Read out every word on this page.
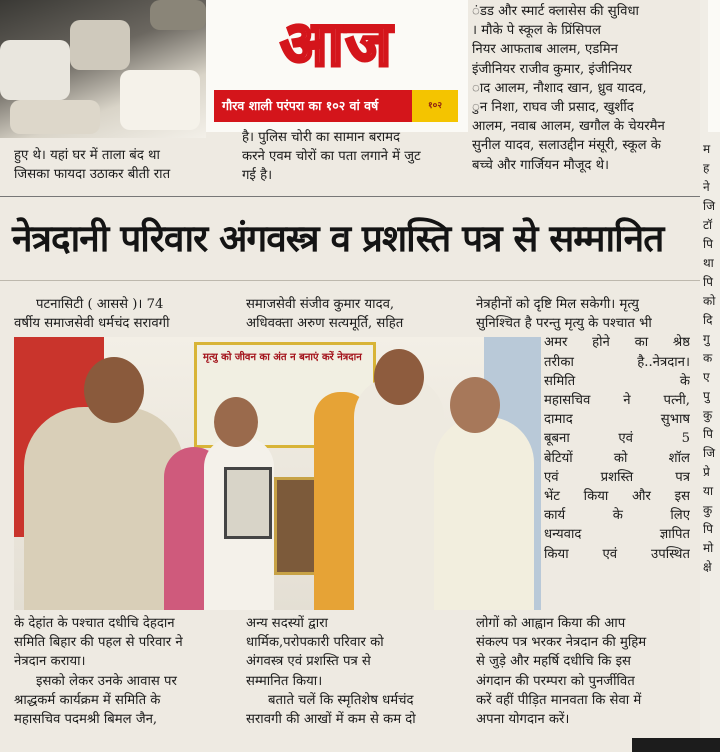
आज
गौरव शाली परंपरा का १०२ वां वर्ष	१०२

ंडड और स्मार्ट क्लासेस की सुविधा

। मौके पे स्कूल के प्रिंसिपल

नियर आफताब आलम, एडमिन

इंजीनियर राजीव कुमार, इंजीनियर

ाद आलम, नौशाद खान, ध्रुव यादव,

ुन निशा, राघव जी प्रसाद, खुर्शीद

आलम, नवाब आलम, खगौल के चेयरमैन

सुनील यादव, सलाउद्दीन मंसूरी, स्कूल के

बच्चे और गार्जियन मौजूद थे।

हुए थे। यहां घर में ताला बंद था

जिसका फायदा उठाकर बीती रात

है। पुलिस चोरी का सामान बरामद

करने एवम चोरों का पता लगाने में जुट

गई है।

नेत्रदानी परिवार अंगवस्त्र व प्रशस्ति पत्र से सम्मानित

पटनासिटी ( आससे )। 74

वर्षीय समाजसेवी धर्मचंद सरावगी

समाजसेवी संजीव कुमार यादव,

अधिवक्ता अरुण सत्यमूर्ति, सहित

नेत्रहीनों को दृष्टि मिल सकेगी। मृत्यु

सुनिश्चित है परन्तु मृत्यु के पश्चात भी

अमर होने का श्रेष्ठ

तरीका है..नेत्रदान।

समिति के

महासचिव ने पत्नी,

दामाद सुभाष

बूबना एवं 5

बेटियों को शॉल

एवं प्रशस्ति पत्र

भेंट किया और इस

कार्य के लिए

धन्यवाद ज्ञापित

किया एवं उपस्थित

मृत्यु को जीवन का अंत न बनाएं करें नेत्रदान

के देहांत के पश्चात दधीचि देहदान

समिति बिहार की पहल से परिवार ने

नेत्रदान कराया।

इसको लेकर उनके आवास पर

श्राद्धकर्म कार्यक्रम में समिति के

महासचिव पदमश्री बिमल जैन,

अन्य सदस्यों द्वारा

धार्मिक,परोपकारी परिवार को

अंगवस्त्र एवं प्रशस्ति पत्र से

सम्मानित किया।

बताते चलें कि स्मृतिशेष धर्मचंद

सरावगी की आखों में कम से कम दो

लोगों को आह्वान किया की आप

संकल्प पत्र भरकर नेत्रदान की मुहिम

से जुड़े और महर्षि दधीचि कि इस

अंगदान की परम्परा को पुनर्जीवित

करें वहीं पीड़ित मानवता कि सेवा में

अपना योगदान करें।

म

ह

ने

जि

टॉ

पि

था

पि

को

दि

गु

क

ए

पु

कु

पि

जि

प्रे

या

कु

पि

मो

क्षे
